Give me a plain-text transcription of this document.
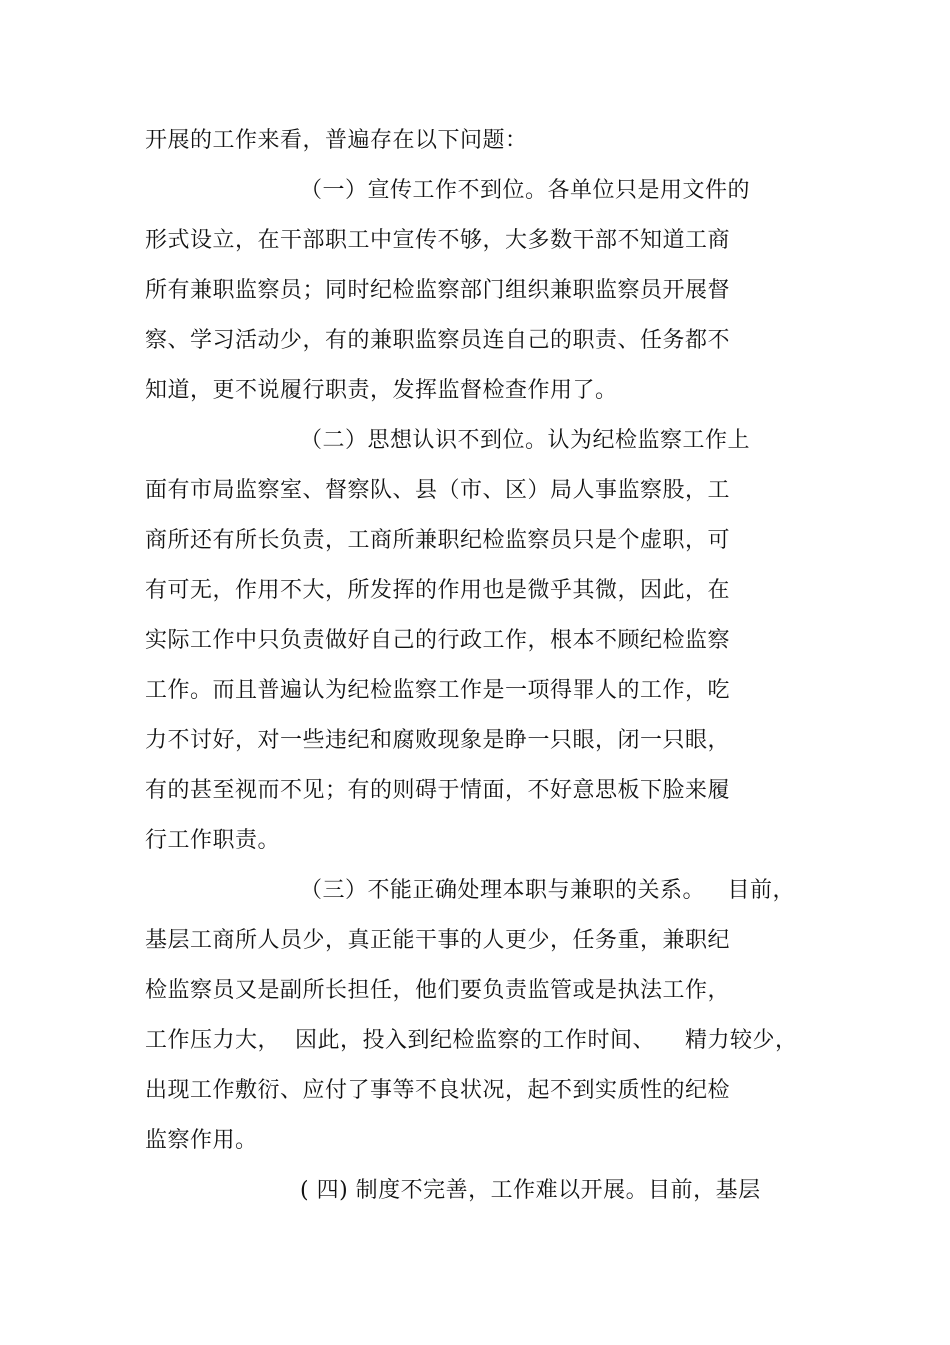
开展的工作来看，普遍存在以下问题：
（一）宣传工作不到位。各单位只是用文件的
形式设立，在干部职工中宣传不够，大多数干部不知道工商
所有兼职监察员；同时纪检监察部门组织兼职监察员开展督
察、学习活动少，有的兼职监察员连自己的职责、任务都不
知道，更不说履行职责，发挥监督检查作用了。
（二）思想认识不到位。认为纪检监察工作上
面有市局监察室、督察队、县（市、区）局人事监察股，工
商所还有所长负责，工商所兼职纪检监察员只是个虚职，可
有可无，作用不大，所发挥的作用也是微乎其微，因此，在
实际工作中只负责做好自己的行政工作，根本不顾纪检监察
工作。而且普遍认为纪检监察工作是一项得罪人的工作，吃
力不讨好，对一些违纪和腐败现象是睁一只眼，闭一只眼，
有的甚至视而不见；有的则碍于情面，不好意思板下脸来履
行工作职责。
（三）不能正确处理本职与兼职的关系。   目前，
基层工商所人员少，真正能干事的人更少，任务重，兼职纪
检监察员又是副所长担任，他们要负责监管或是执法工作，
工作压力大，  因此，投入到纪检监察的工作时间、    精力较少，
出现工作敷衍、应付了事等不良状况，起不到实质性的纪检
监察作用。
( 四) 制度不完善，工作难以开展。目前，基层
